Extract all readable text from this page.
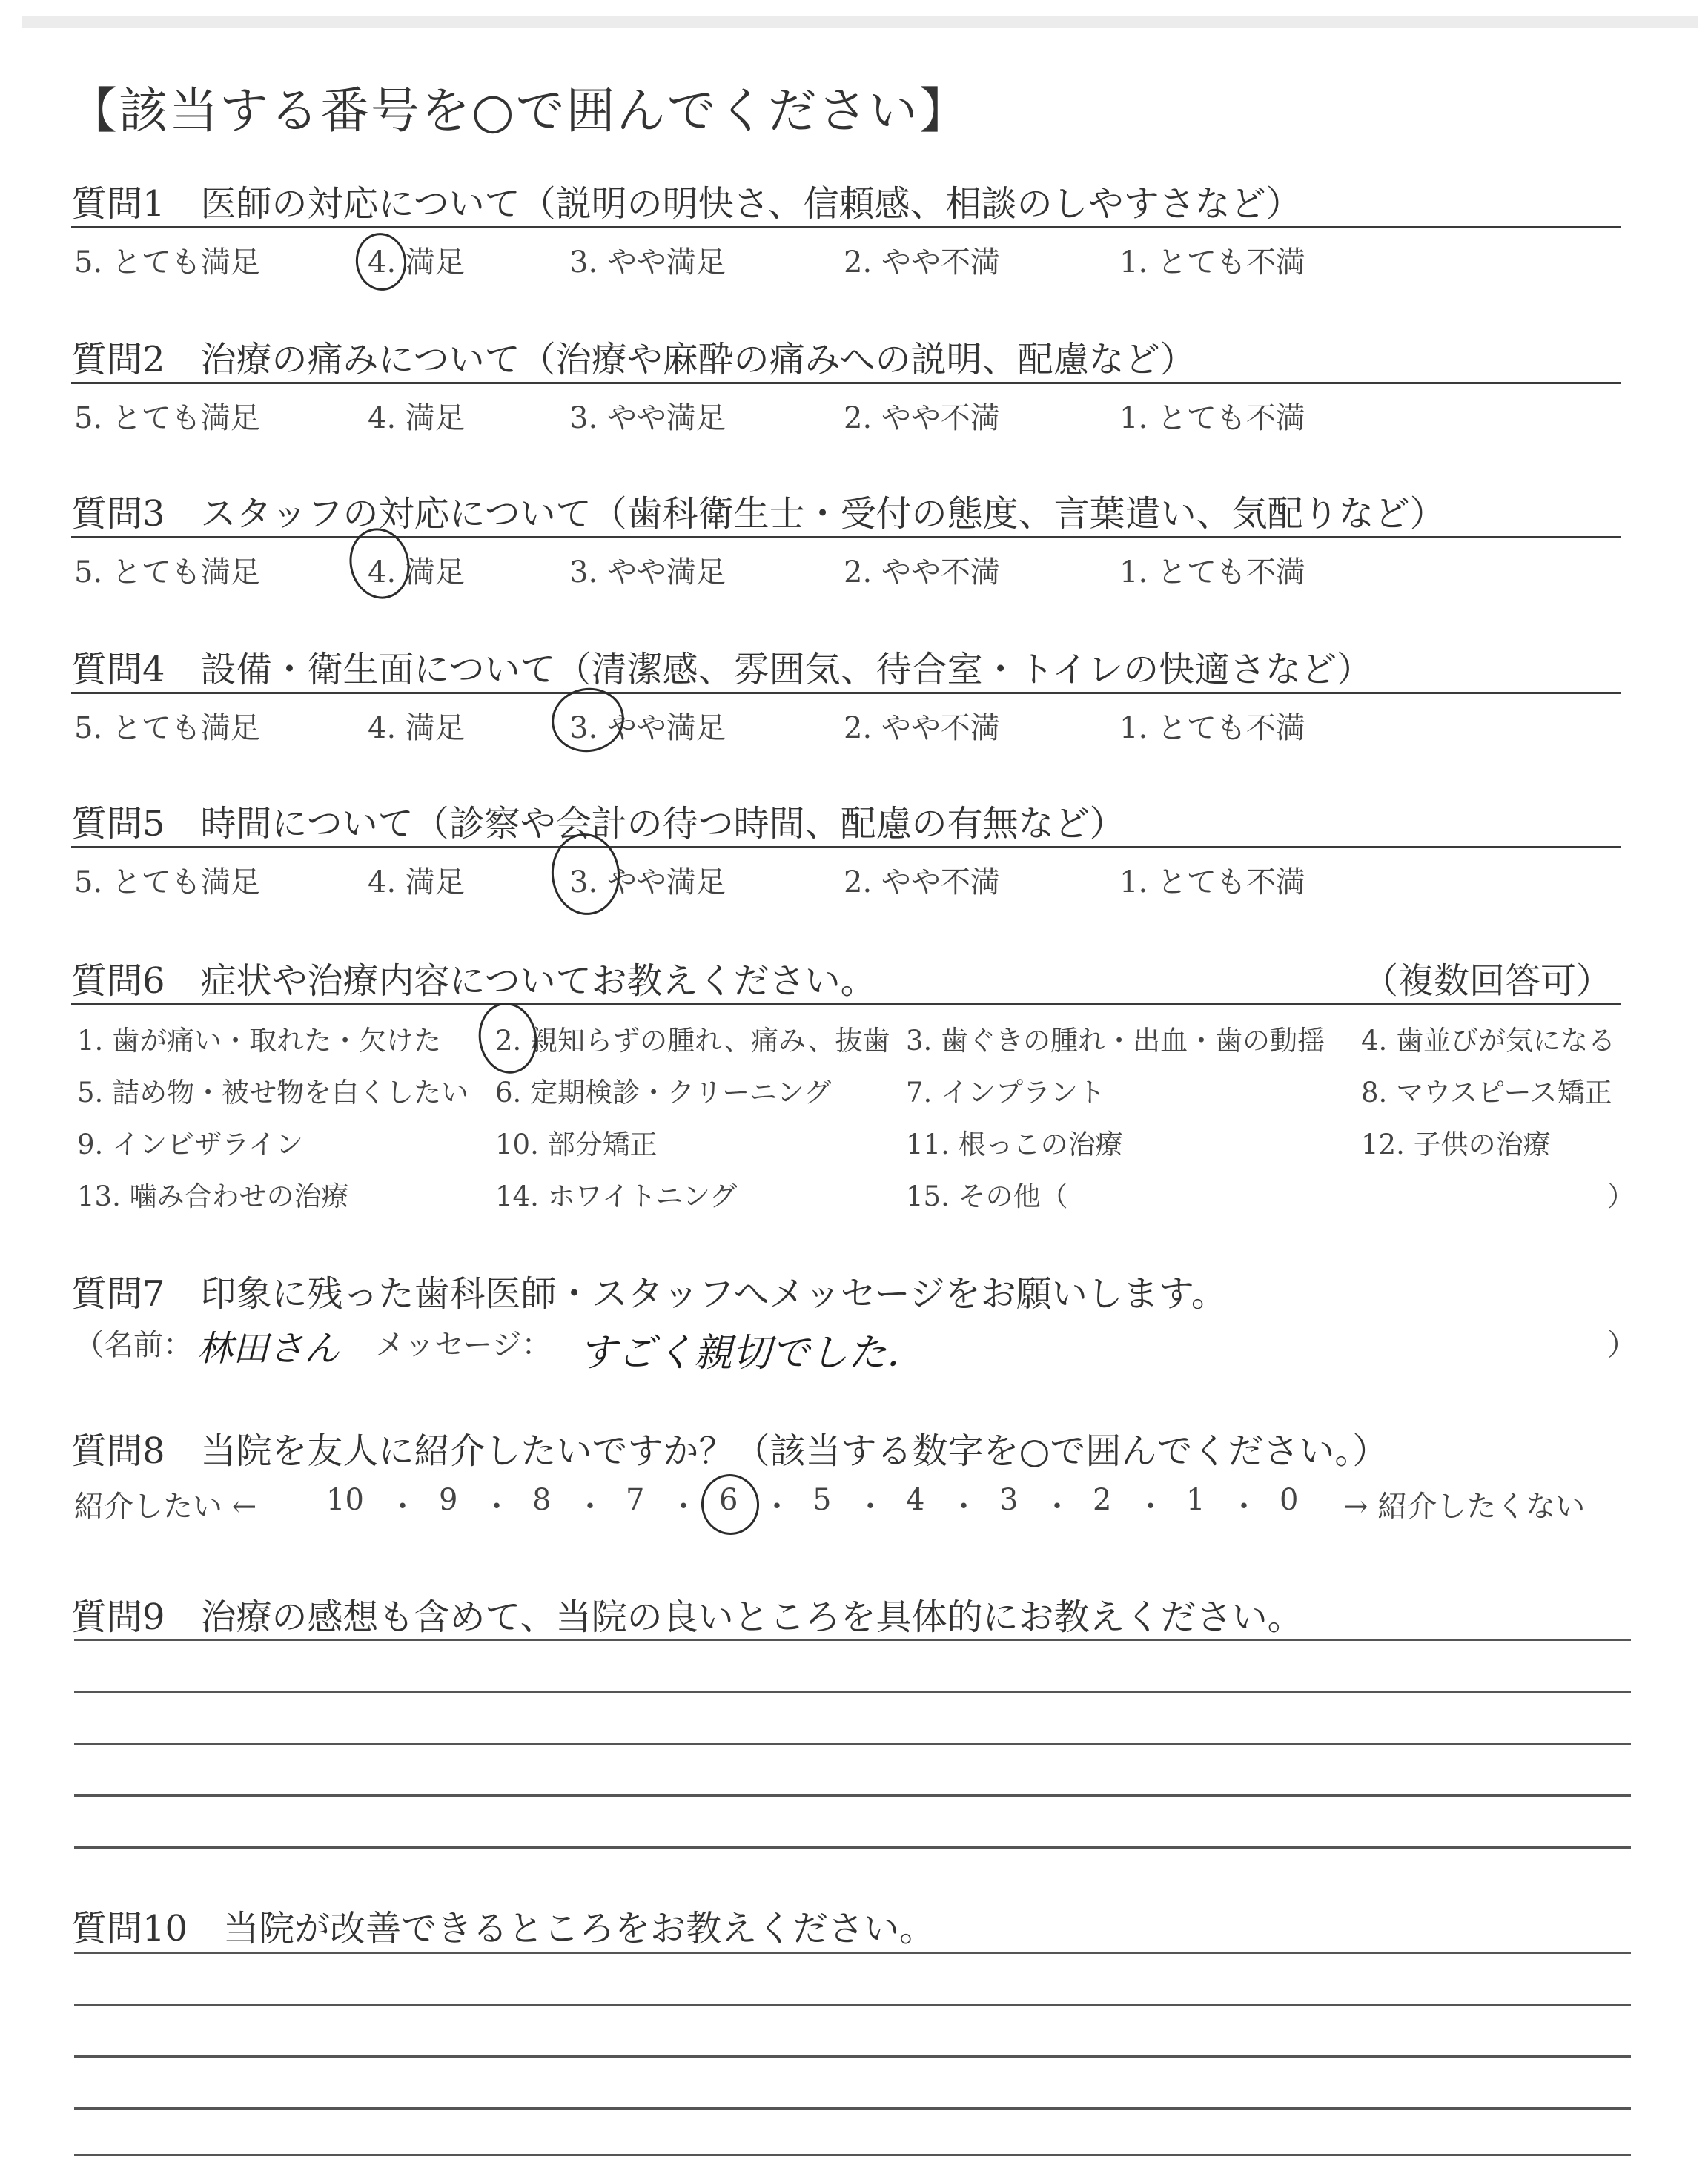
【該当する番号を○で囲んでください】
質問1　医師の対応について（説明の明快さ、信頼感、相談のしやすさなど）
5. とても満足	4. 満足	3. やや満足	2. やや不満	1. とても不満
質問2　治療の痛みについて（治療や麻酔の痛みへの説明、配慮など）
5. とても満足	4. 満足	3. やや満足	2. やや不満	1. とても不満
質問3　スタッフの対応について（歯科衛生士・受付の態度、言葉遣い、気配りなど）
5. とても満足	4. 満足	3. やや満足	2. やや不満	1. とても不満
質問4　設備・衛生面について（清潔感、雰囲気、待合室・トイレの快適さなど）
5. とても満足	4. 満足	3. やや満足	2. やや不満	1. とても不満
質問5　時間について（診察や会計の待つ時間、配慮の有無など）
5. とても満足	4. 満足	3. やや満足	2. やや不満	1. とても不満
質問6　症状や治療内容についてお教えください。	（複数回答可）
1. 歯が痛い・取れた・欠けた 2. 親知らずの腫れ、痛み、抜歯 3. 歯ぐきの腫れ・出血・歯の動揺 4. 歯並びが気になる
5. 詰め物・被せ物を白くしたい 6. 定期検診・クリーニング	7. インプラント	8. マウスピース矯正
9. インビザライン	10. 部分矯正	11. 根っこの治療	12. 子供の治療
13. 噛み合わせの治療	14. ホワイトニング	15. その他（	）
質問7　印象に残った歯科医師・スタッフへメッセージをお願いします。
（名前： 林田さん メッセージ： すごく親切でした．	）
質問8　当院を友人に紹介したいですか？（該当する数字を○で囲んでください。）
紹介したい ←	→ 紹介したくない
10 ・ 9 ・ 8 ・ 7 ・ 6 ・ 5 ・ 4 ・ 3 ・ 2 ・ 1 ・ 0
質問9　治療の感想も含めて、当院の良いところを具体的にお教えください。
質問10　当院が改善できるところをお教えください。
